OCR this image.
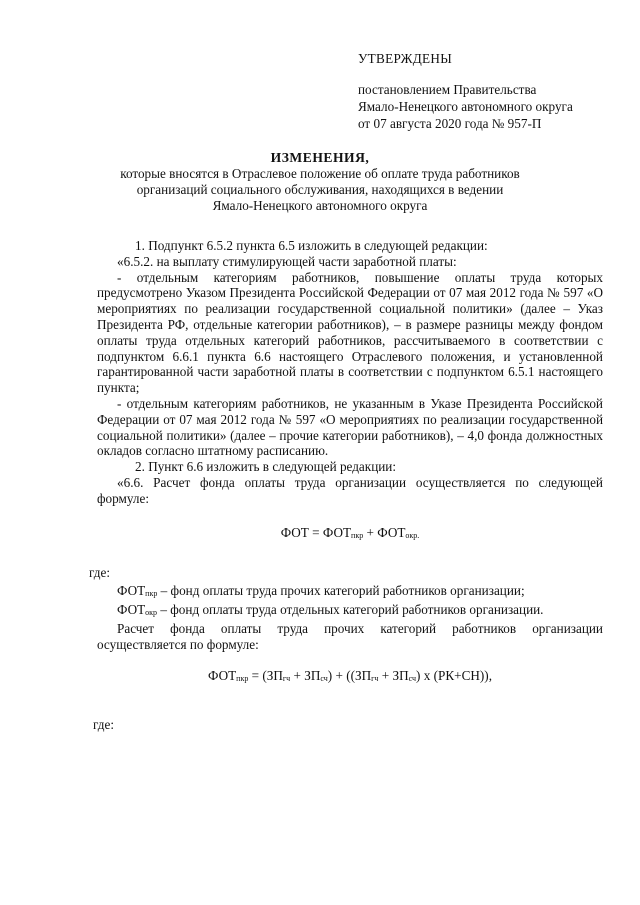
УТВЕРЖДЕНЫ
постановлением Правительства
Ямало-Ненецкого автономного округа
от 07 августа 2020 года № 957-П
ИЗМЕНЕНИЯ,
которые вносятся в Отраслевое положение об оплате труда работников
организаций социального обслуживания, находящихся в ведении
Ямало-Ненецкого автономного округа

1. Подпункт 6.5.2 пункта 6.5 изложить в следующей редакции:

«6.5.2. на выплату стимулирующей части заработной платы:

- отдельным категориям работников, повышение оплаты труда которых предусмотрено Указом Президента Российской Федерации от 07 мая 2012 года № 597 «О мероприятиях по реализации государственной социальной политики» (далее – Указ Президента РФ, отдельные категории работников), – в размере разницы между фондом оплаты труда отдельных категорий работников, рассчитываемого в соответствии с подпунктом 6.6.1 пункта 6.6 настоящего Отраслевого положения, и установленной гарантированной части заработной платы в соответствии с подпунктом 6.5.1 настоящего пункта;

- отдельным категориям работников, не указанным в Указе Президента Российской Федерации от 07 мая 2012 года № 597 «О мероприятиях по реализации государственной социальной политики» (далее – прочие категории работников), – 4,0 фонда должностных окладов согласно штатному расписанию.

2. Пункт 6.6 изложить в следующей редакции:

«6.6. Расчет фонда оплаты труда организации осуществляется по следующей формуле:

ФОТ = $ФОТ_{пкр} + ФОТ_{окр.}$

где:

$ФОТ_{пкр}$ – фонд оплаты труда прочих категорий работников организации;

$ФОТ_{окр}$ – фонд оплаты труда отдельных категорий работников организации.

Расчет фонда оплаты труда прочих категорий работников организации осуществляется по формуле:

$ФОТ_{пкр} = (ЗП_{гч} + ЗП_{сч}) + ((ЗП_{гч} + ЗП_{сч})$ х (РК+СН)),

где:
